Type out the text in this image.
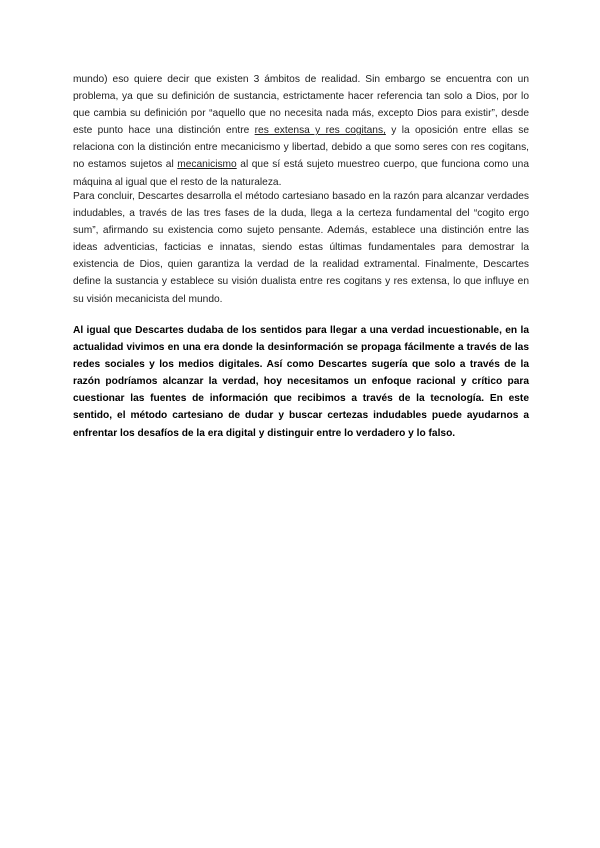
mundo) eso quiere decir que existen 3 ámbitos de realidad. Sin embargo se encuentra con un problema, ya que su definición de sustancia, estrictamente hacer referencia tan solo a Dios, por lo que cambia su definición por “aquello que no necesita nada más, excepto Dios para existir”, desde este punto hace una distinción entre res extensa y res cogitans, y la oposición entre ellas se relaciona con la distinción entre mecanicismo y libertad, debido a que somo seres con res cogitans, no estamos sujetos al mecanicismo al que sí está sujeto muestreo cuerpo, que funciona como una máquina al igual que el resto de la naturaleza.

Para concluir, Descartes desarrolla el método cartesiano basado en la razón para alcanzar verdades indudables, a través de las tres fases de la duda, llega a la certeza fundamental del “cogito ergo sum”, afirmando su existencia como sujeto pensante. Además, establece una distinción entre las ideas adventicias, facticias e innatas, siendo estas últimas fundamentales para demostrar la existencia de Dios, quien garantiza la verdad de la realidad extramental. Finalmente, Descartes define la sustancia y establece su visión dualista entre res cogitans y res extensa, lo que influye en su visión mecanicista del mundo.

Al igual que Descartes dudaba de los sentidos para llegar a una verdad incuestionable, en la actualidad vivimos en una era donde la desinformación se propaga fácilmente a través de las redes sociales y los medios digitales. Así como Descartes sugería que solo a través de la razón podríamos alcanzar la verdad, hoy necesitamos un enfoque racional y crítico para cuestionar las fuentes de información que recibimos a través de la tecnología. En este sentido, el método cartesiano de dudar y buscar certezas indudables puede ayudarnos a enfrentar los desafíos de la era digital y distinguir entre lo verdadero y lo falso.
